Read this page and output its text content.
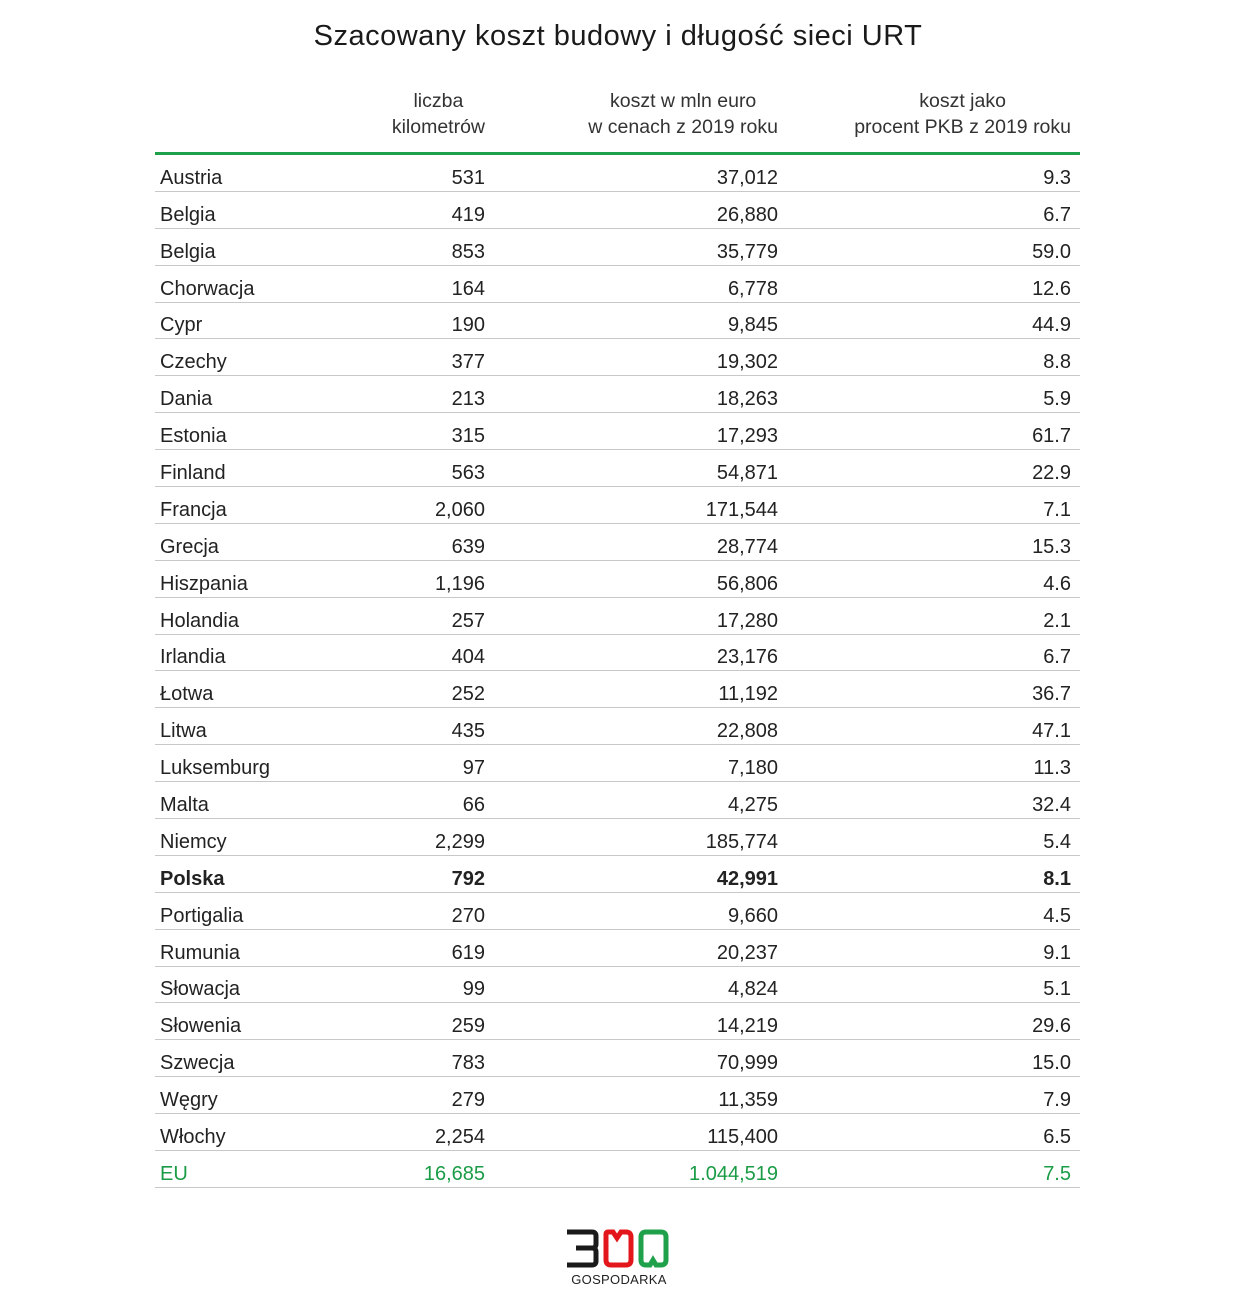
Szacowany koszt budowy i długość sieci URT
liczba
kilometrów
koszt w mln euro
w cenach z 2019 roku
koszt jako
procent PKB z 2019 roku
Austria	531	37,012	9.3
Belgia	419	26,880	6.7
Belgia	853	35,779	59.0
Chorwacja	164	6,778	12.6
Cypr	190	9,845	44.9
Czechy	377	19,302	8.8
Dania	213	18,263	5.9
Estonia	315	17,293	61.7
Finland	563	54,871	22.9
Francja	2,060	171,544	7.1
Grecja	639	28,774	15.3
Hiszpania	1,196	56,806	4.6
Holandia	257	17,280	2.1
Irlandia	404	23,176	6.7
Łotwa	252	11,192	36.7
Litwa	435	22,808	47.1
Luksemburg	97	7,180	11.3
Malta	66	4,275	32.4
Niemcy	2,299	185,774	5.4
Polska	792	42,991	8.1
Portigalia	270	9,660	4.5
Rumunia	619	20,237	9.1
Słowacja	99	4,824	5.1
Słowenia	259	14,219	29.6
Szwecja	783	70,999	15.0
Węgry	279	11,359	7.9
Włochy	2,254	115,400	6.5
EU	16,685	1.044,519	7.5
GOSPODARKA
